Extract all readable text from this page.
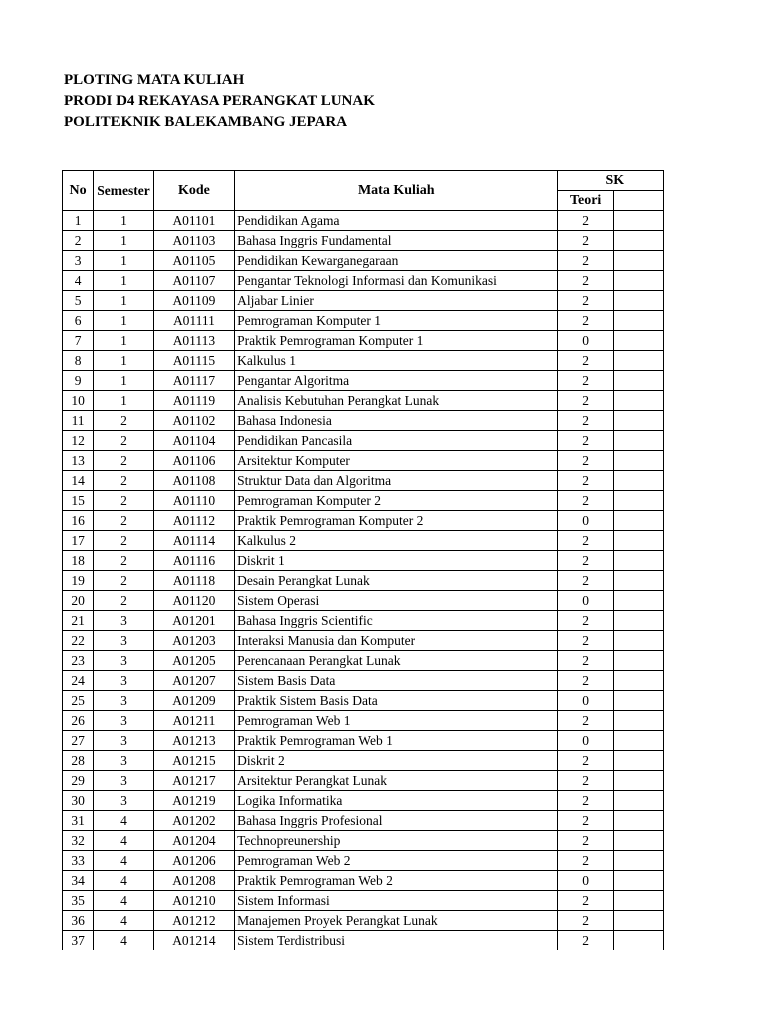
PLOTING MATA KULIAH
PRODI D4 REKAYASA PERANGKAT LUNAK
POLITEKNIK BALEKAMBANG JEPARA
No	Semester	Kode	Mata Kuliah	SK	
				Teori	
1	1	A01101	Pendidikan Agama	2	
2	1	A01103	Bahasa Inggris Fundamental	2	
3	1	A01105	Pendidikan Kewarganegaraan	2	
4	1	A01107	Pengantar Teknologi Informasi dan Komunikasi	2	
5	1	A01109	Aljabar Linier	2	
6	1	A01111	Pemrograman Komputer 1	2	
7	1	A01113	Praktik Pemrograman Komputer 1	0	
8	1	A01115	Kalkulus 1	2	
9	1	A01117	Pengantar Algoritma	2	
10	1	A01119	Analisis Kebutuhan Perangkat Lunak	2	
11	2	A01102	Bahasa Indonesia	2	
12	2	A01104	Pendidikan Pancasila	2	
13	2	A01106	Arsitektur Komputer	2	
14	2	A01108	Struktur Data dan Algoritma	2	
15	2	A01110	Pemrograman Komputer 2	2	
16	2	A01112	Praktik Pemrograman Komputer 2	0	
17	2	A01114	Kalkulus 2	2	
18	2	A01116	Diskrit 1	2	
19	2	A01118	Desain Perangkat Lunak	2	
20	2	A01120	Sistem Operasi	0	
21	3	A01201	Bahasa Inggris Scientific	2	
22	3	A01203	Interaksi Manusia dan Komputer	2	
23	3	A01205	Perencanaan Perangkat Lunak	2	
24	3	A01207	Sistem Basis Data	2	
25	3	A01209	Praktik Sistem Basis Data	0	
26	3	A01211	Pemrograman Web 1	2	
27	3	A01213	Praktik Pemrograman Web 1	0	
28	3	A01215	Diskrit 2	2	
29	3	A01217	Arsitektur Perangkat Lunak	2	
30	3	A01219	Logika Informatika	2	
31	4	A01202	Bahasa Inggris Profesional	2	
32	4	A01204	Technopreunership	2	
33	4	A01206	Pemrograman Web 2	2	
34	4	A01208	Praktik Pemrograman Web 2	0	
35	4	A01210	Sistem Informasi	2	
36	4	A01212	Manajemen Proyek Perangkat Lunak	2	
37	4	A01214	Sistem Terdistribusi	2	
